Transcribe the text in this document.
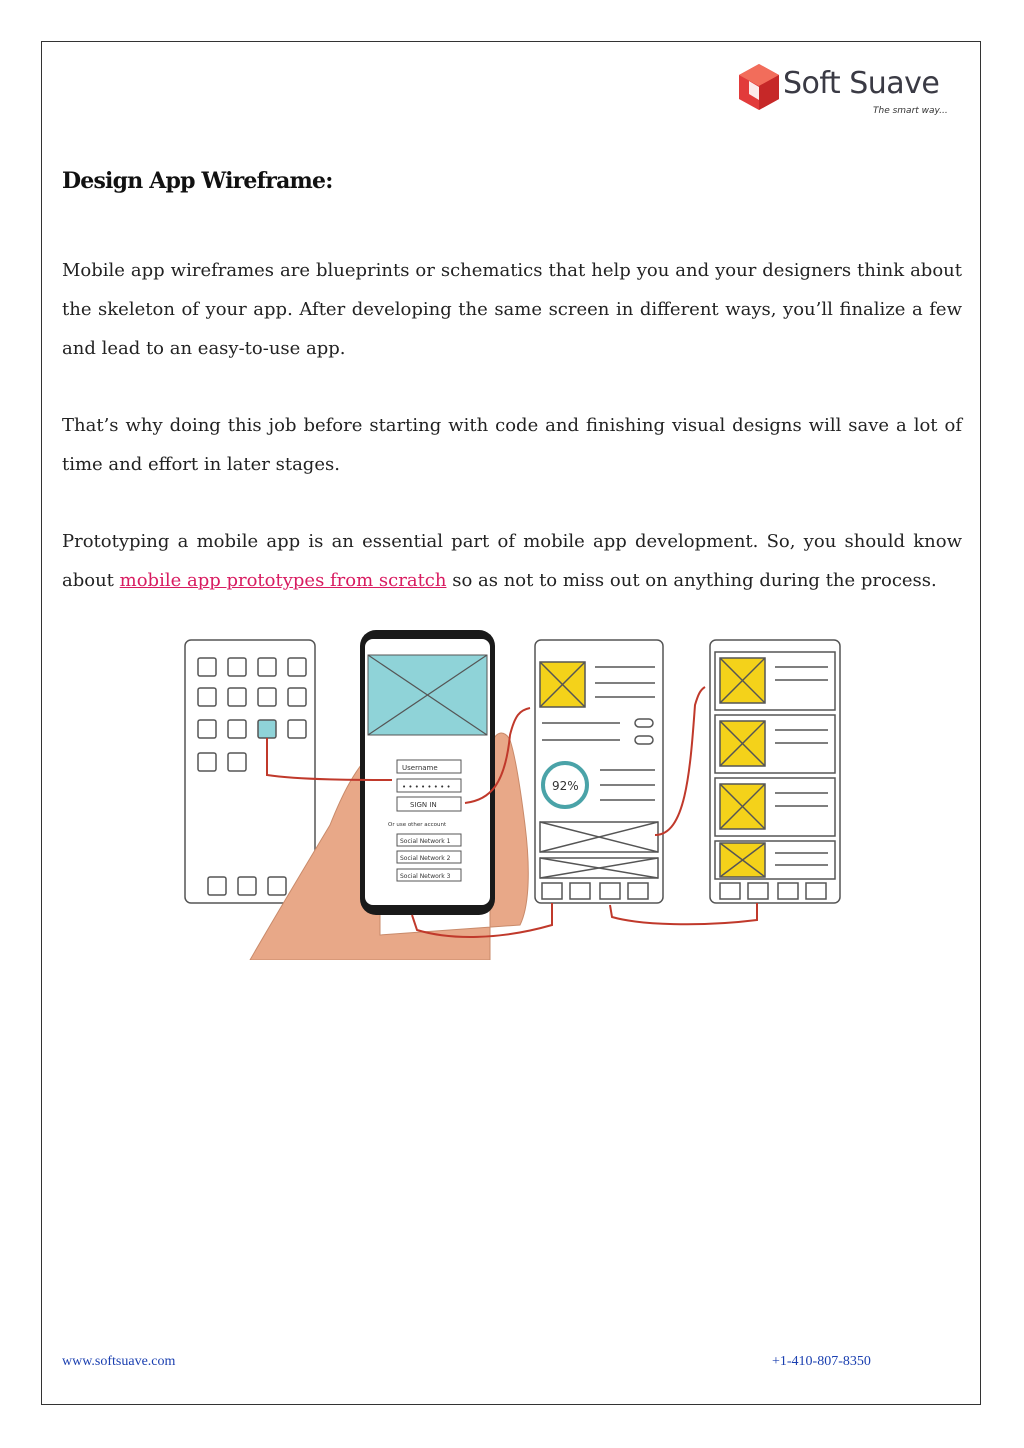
Soft Suave
The smart way...
Design App Wireframe:

Mobile app wireframes are blueprints or schematics that help you and your designers think about the skeleton of your app. After developing the same screen in different ways, you’ll finalize a few and lead to an easy-to-use app.

That’s why doing this job before starting with code and finishing visual designs will save a lot of time and effort in later stages.

Prototyping a mobile app is an essential part of mobile app development. So, you should know about mobile app prototypes from scratch so as not to miss out on anything during the process.

Username
• • • • • • • •
SIGN IN
Or use other account
Social Network 1
Social Network 2
Social Network 3
92%
www.softsuave.com	+1-410-807-8350
